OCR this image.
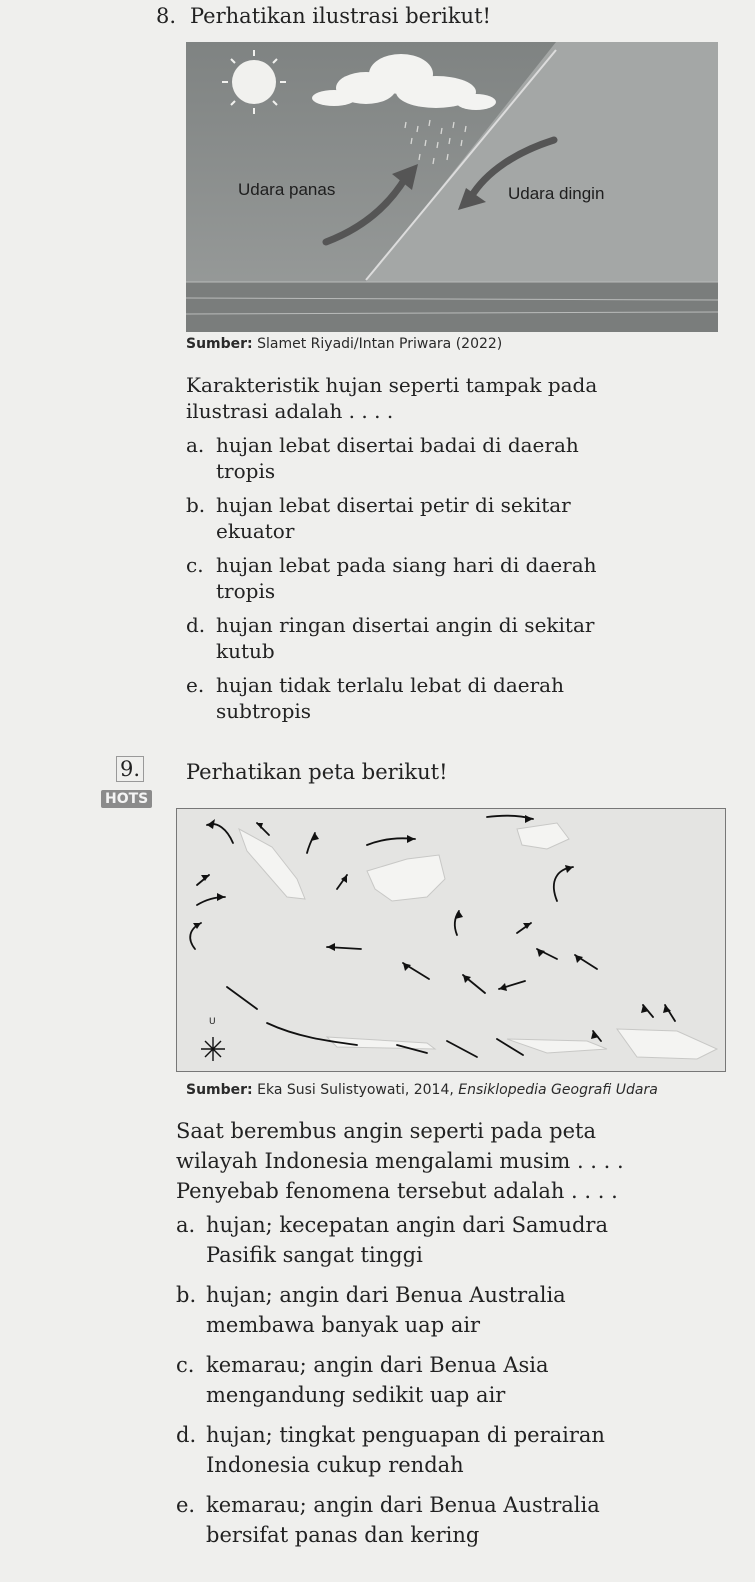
8. Perhatikan ilustrasi berikut!
Udara panas	Udara dingin
Sumber: Slamet Riyadi/Intan Priwara (2022)
Karakteristik hujan seperti tampak pada
ilustrasi adalah . . . .
a. hujan lebat disertai badai di daerah
tropis
b. hujan lebat disertai petir di sekitar
ekuator
c. hujan lebat pada siang hari di daerah
tropis
d. hujan ringan disertai angin di sekitar
kutub
e. hujan tidak terlalu lebat di daerah
subtropis
9.
HOTS
Perhatikan peta berikut!
U
Sumber: Eka Susi Sulistyowati, 2014, Ensiklopedia Geografi Udara
Saat berembus angin seperti pada peta
wilayah Indonesia mengalami musim . . . .
Penyebab fenomena tersebut adalah . . . .
a. hujan; kecepatan angin dari Samudra
Pasifik sangat tinggi
b. hujan; angin dari Benua Australia
membawa banyak uap air
c. kemarau; angin dari Benua Asia
mengandung sedikit uap air
d. hujan; tingkat penguapan di perairan
Indonesia cukup rendah
e. kemarau; angin dari Benua Australia
bersifat panas dan kering
